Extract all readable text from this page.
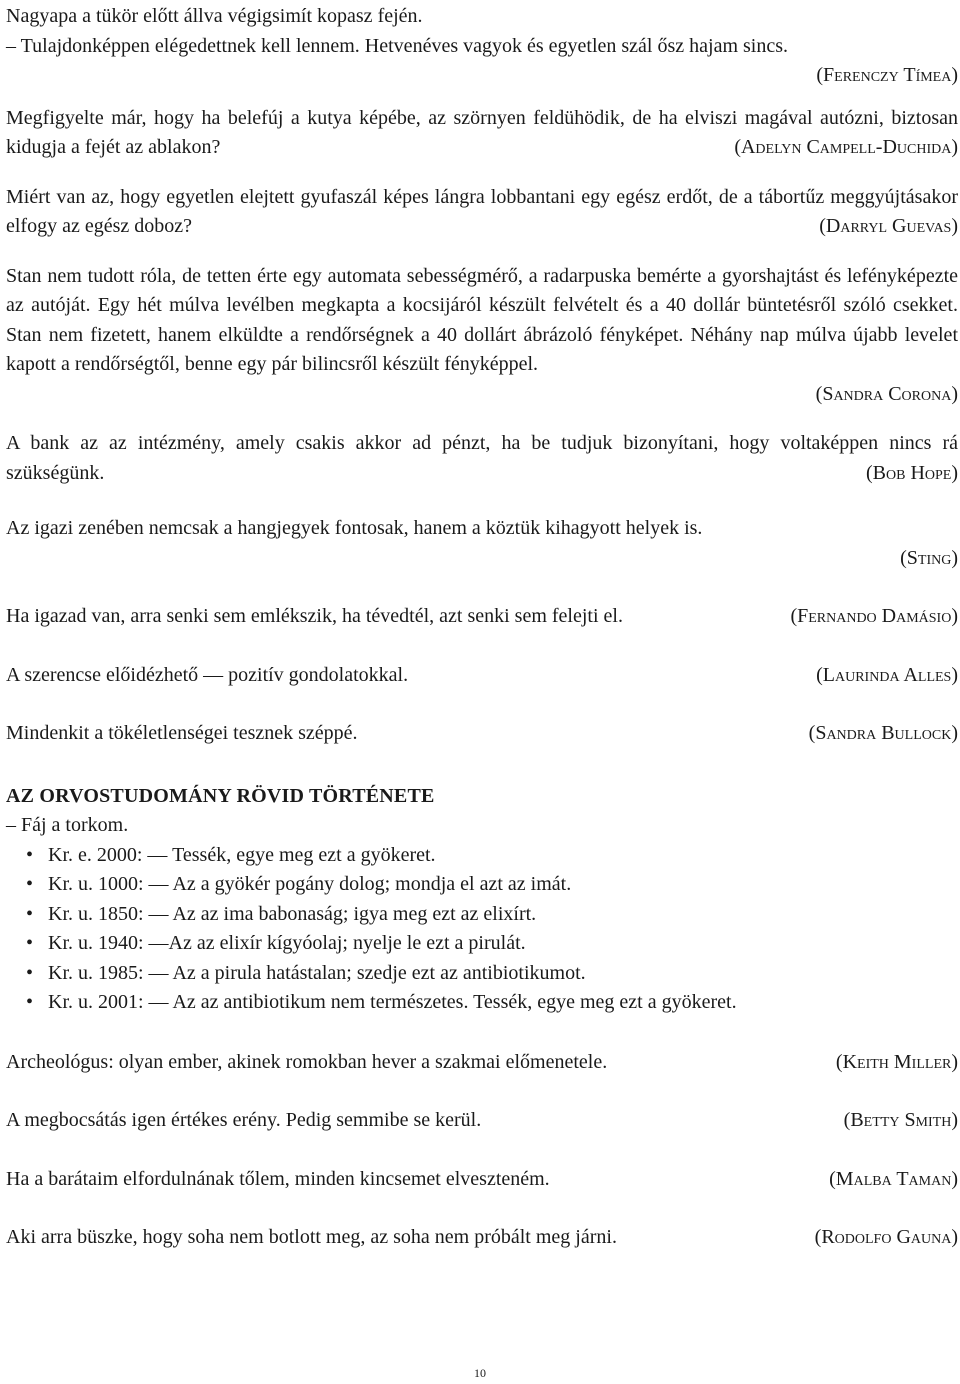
Nagyapa a tükör előtt állva végigsimít kopasz fején.

– Tulajdonképpen elégedettnek kell lennem. Hetvenéves vagyok és egyetlen szál ősz hajam sincs.

(Ferenczy Tímea)

Megfigyelte már, hogy ha belefúj a kutya képébe, az szörnyen feldühödik, de ha elviszi magával autózni, biztosan kidugja a fejét az ablakon?	(Adelyn Campell-Duchida)

Miért van az, hogy egyetlen elejtett gyufaszál képes lángra lobbantani egy egész erdőt, de a tábortűz meggyújtásakor elfogy az egész doboz?	(Darryl Guevas)

Stan nem tudott róla, de tetten érte egy automata sebességmérő, a radarpuska bemérte a gyorshajtást és lefényképezte az autóját. Egy hét múlva levélben megkapta a kocsijáról készült felvételt és a 40 dollár büntetésről szóló csekket. Stan nem fizetett, hanem elküldte a rendőrségnek a 40 dollárt ábrázoló fényképet. Néhány nap múlva újabb levelet kapott a rendőrségtől, benne egy pár bilincsről készült fényképpel.

(Sandra Corona)

A bank az az intézmény, amely csakis akkor ad pénzt, ha be tudjuk bizonyítani, hogy voltaképpen nincs rá szükségünk.	(Bob Hope)

Az igazi zenében nemcsak a hangjegyek fontosak, hanem a köztük kihagyott helyek is.

(Sting)

Ha igazad van, arra senki sem emlékszik, ha tévedtél, azt senki sem felejti el.	(Fernando Damásio)
A szerencse előidézhető — pozitív gondolatokkal.	(Laurinda Alles)
Mindenkit a tökéletlenségei tesznek széppé.	(Sandra Bullock)

AZ ORVOSTUDOMÁNY RÖVID TÖRTÉNETE

– Fáj a torkom.

• Kr. e. 2000: — Tessék, egye meg ezt a gyökeret.
• Kr. u. 1000: — Az a gyökér pogány dolog; mondja el azt az imát.
• Kr. u. 1850: — Az az ima babonaság; igya meg ezt az elixírt.
• Kr. u. 1940: —Az az elixír kígyóolaj; nyelje le ezt a pirulát.
• Kr. u. 1985: — Az a pirula hatástalan; szedje ezt az antibiotikumot.
• Kr. u. 2001: — Az az antibiotikum nem természetes. Tessék, egye meg ezt a gyökeret.
Archeológus: olyan ember, akinek romokban hever a szakmai előmenetele.	(Keith Miller)
A megbocsátás igen értékes erény. Pedig semmibe se kerül.	(Betty Smith)
Ha a barátaim elfordulnának tőlem, minden kincsemet elveszteném.	(Malba Taman)
Aki arra büszke, hogy soha nem botlott meg, az soha nem próbált meg járni.	(Rodolfo Gauna)
10
